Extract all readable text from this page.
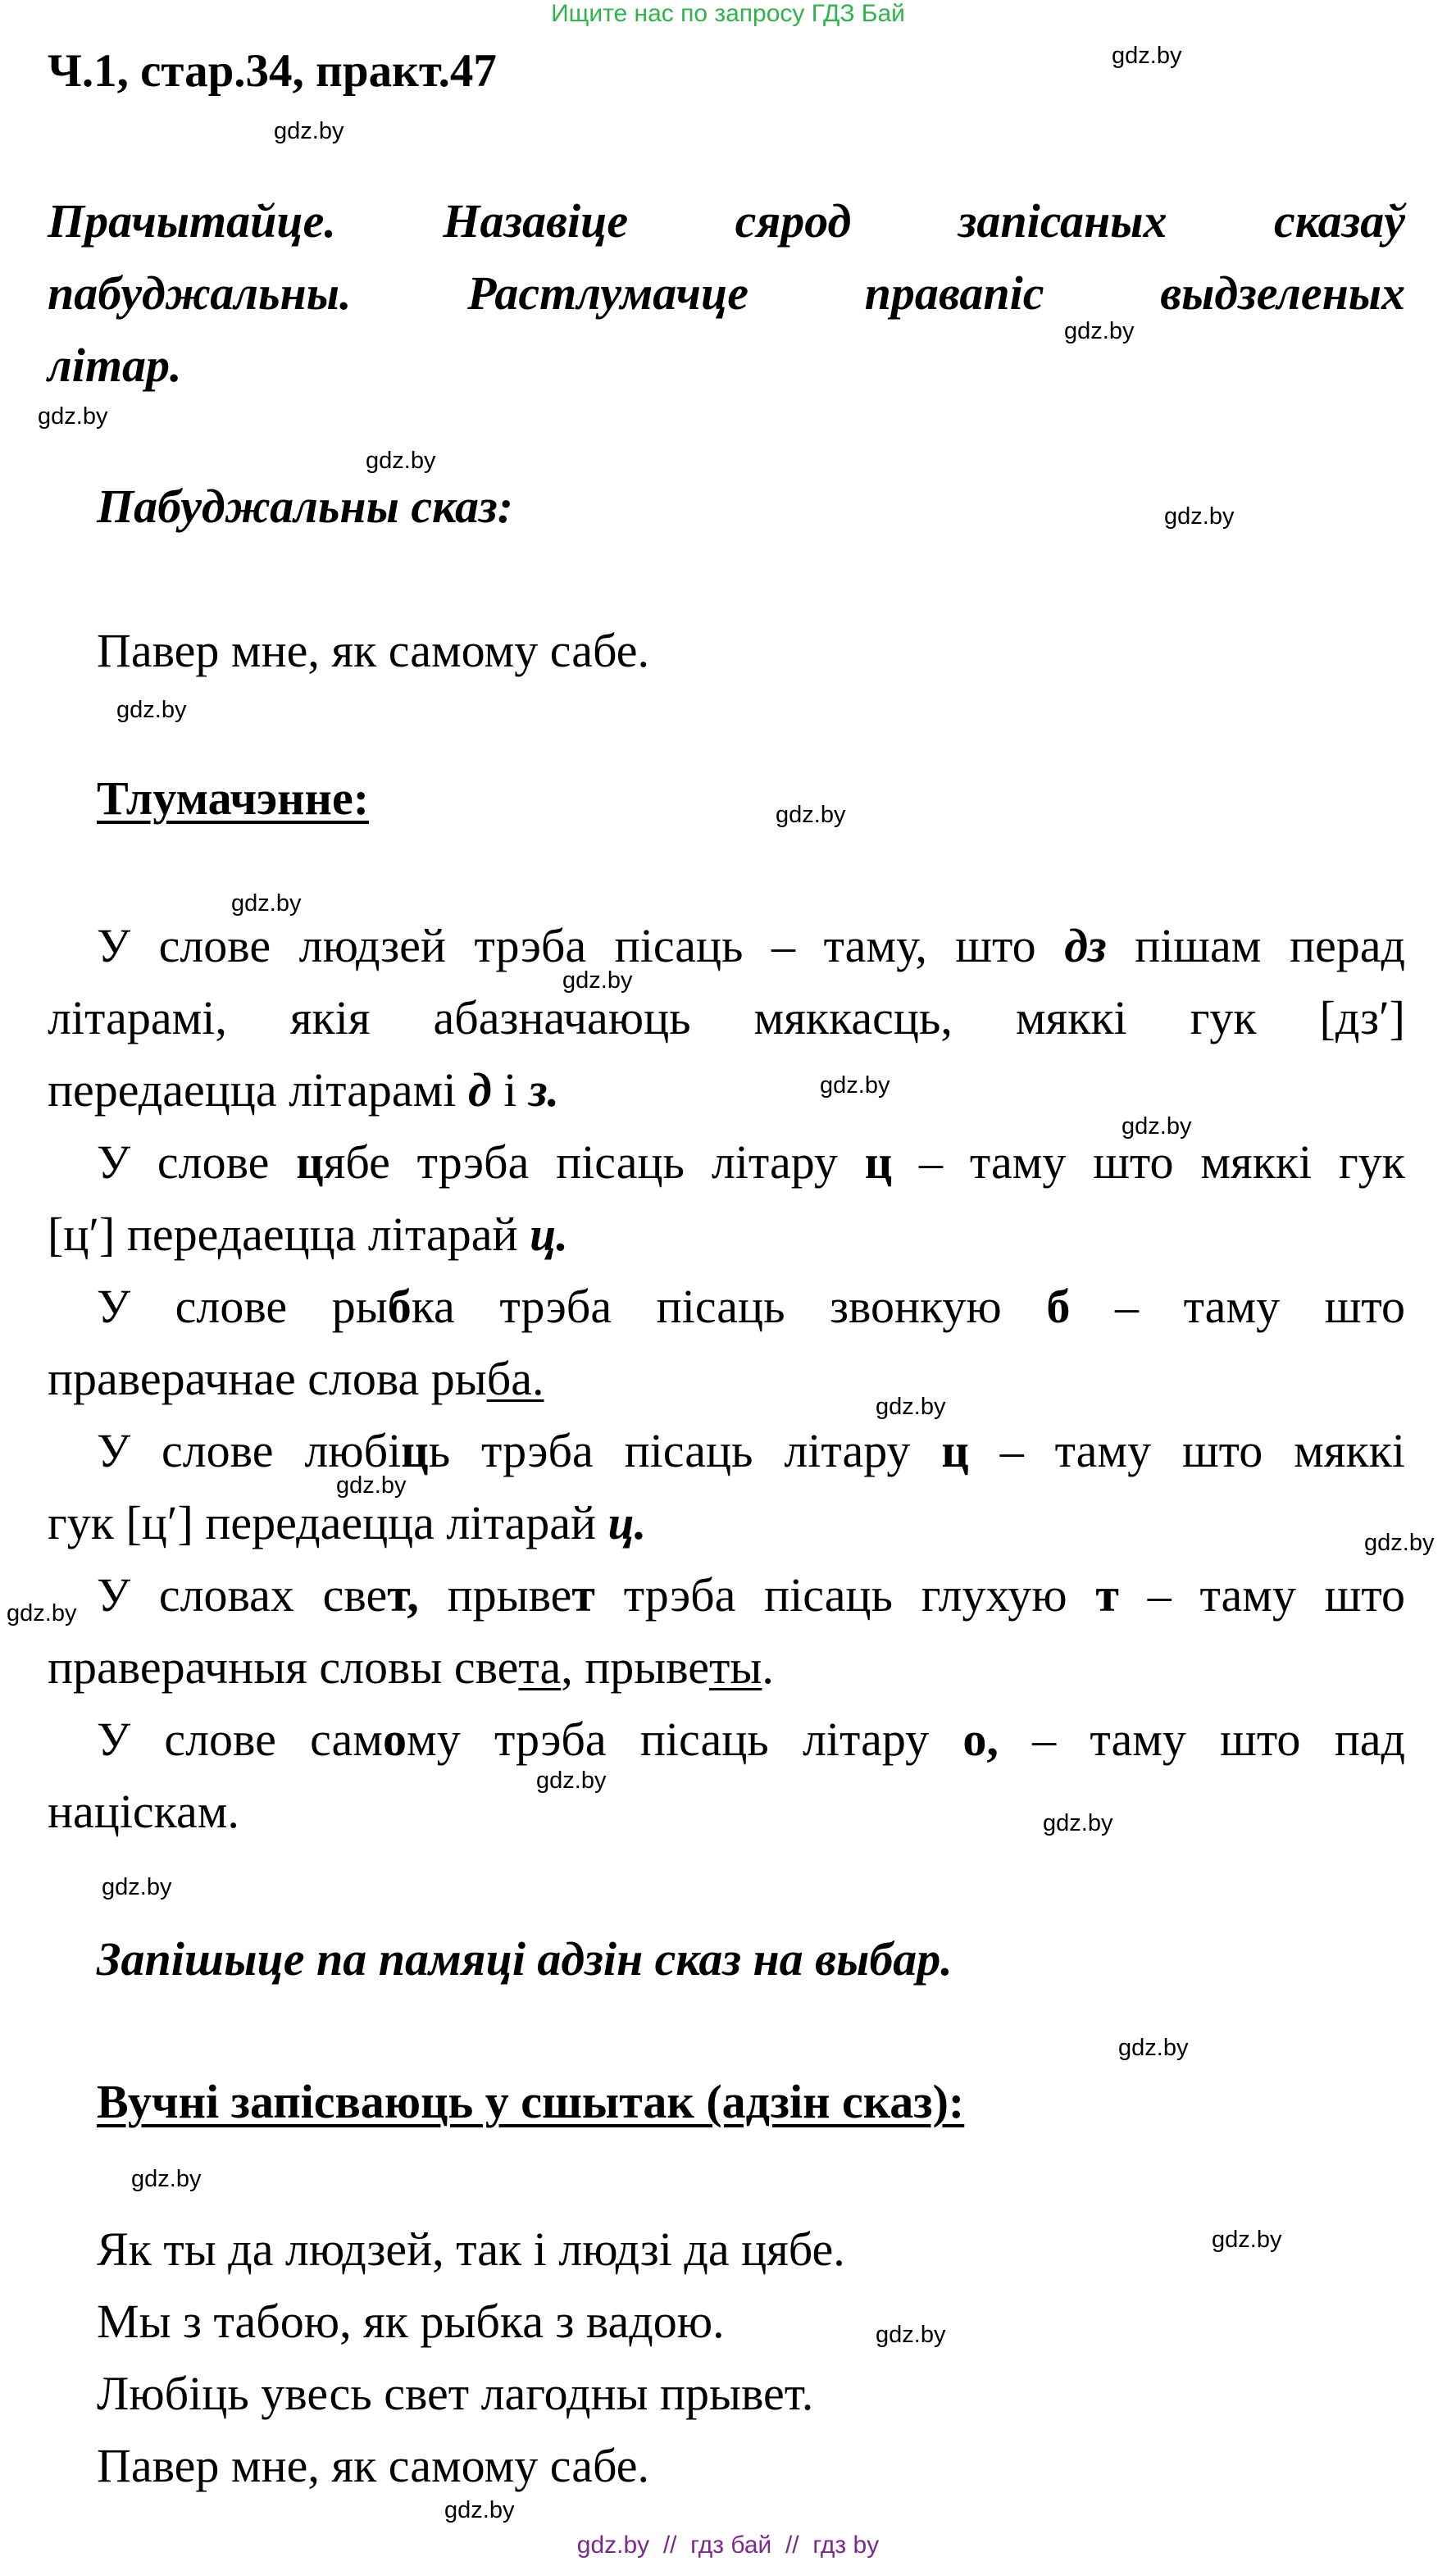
Ищите нас по запросу ГДЗ Бай
Ч.1, стар.34, практ.47
Прачытайце. Назавіце сярод запісаных сказаў
пабуджальны. Растлумачце правапіс выдзеленых
літар.
Пабуджальны сказ:
Павер мне, як самому сабе.
Тлумачэнне:
У слове людзей трэба пісаць – таму, што дз пішам перад
літарамі, якія абазначаюць мяккасць, мяккі гук [дз′]
передаецца літарамі д і з.
У слове цябе трэба пісаць літару ц – таму што мяккі гук
[ц′] передаецца літарай ц.
У слове рыбка трэба пісаць звонкую б – таму што
праверачнае слова рыба.
У слове любіць трэба пісаць літару ц – таму што мяккі
гук [ц′] передаецца літарай ц.
У словах свет, прывет трэба пісаць глухую т – таму што
праверачныя словы света, прыветы.
У слове самому трэба пісаць літару о, – таму што пад
націскам.
Запішыце па памяці адзін сказ на выбар.
Вучні запісваюць у сшытак (адзін сказ):
Як ты да людзей, так і людзі да цябе.
Мы з табою, як рыбка з вадою.
Любіць увесь свет лагодны прывет.
Павер мне, як самому сабе.
gdz.by
gdz.by
gdz.by
gdz.by
gdz.by
gdz.by
gdz.by
gdz.by
gdz.by
gdz.by
gdz.by
gdz.by
gdz.by
gdz.by
gdz.by
gdz.by
gdz.by
gdz.by
gdz.by
gdz.by
gdz.by
gdz.by
gdz.by
gdz.by
gdz.by  //  гдз бай  //  гдз by
